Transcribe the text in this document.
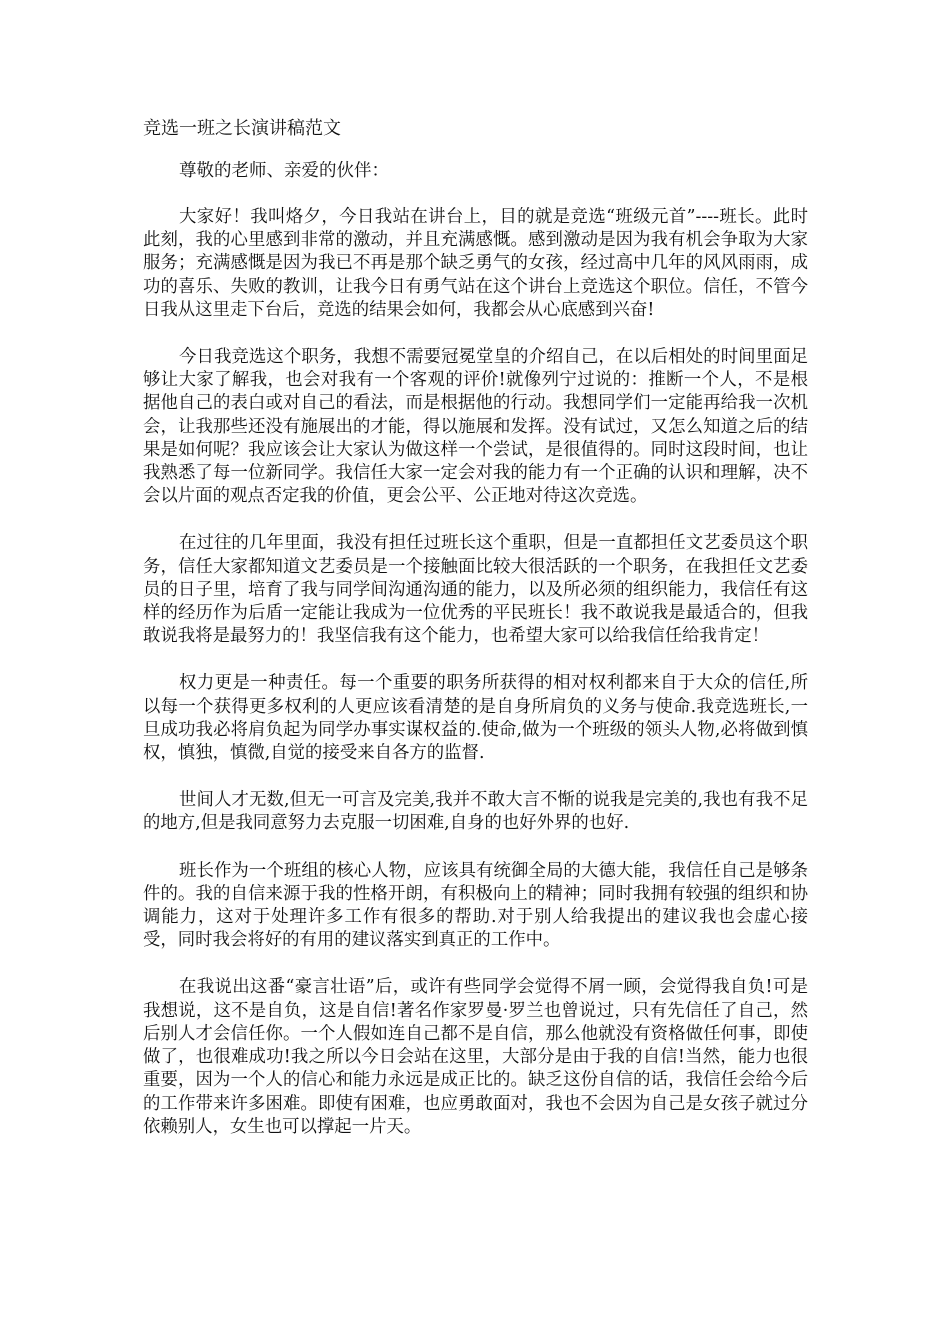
竞选一班之长演讲稿范文

尊敬的老师、亲爱的伙伴：

大家好！我叫烙夕，今日我站在讲台上，目的就是竞选“班级元首”----班长。此时此刻，我的心里感到非常的激动，并且充满感慨。感到激动是因为我有机会争取为大家服务；充满感慨是因为我已不再是那个缺乏勇气的女孩，经过高中几年的风风雨雨，成功的喜乐、失败的教训，让我今日有勇气站在这个讲台上竞选这个职位。信任，不管今日我从这里走下台后，竞选的结果会如何，我都会从心底感到兴奋!

今日我竞选这个职务，我想不需要冠冕堂皇的介绍自己，在以后相处的时间里面足够让大家了解我，也会对我有一个客观的评价!就像列宁过说的：推断一个人，不是根据他自己的表白或对自己的看法，而是根据他的行动。我想同学们一定能再给我一次机会，让我那些还没有施展出的才能，得以施展和发挥。没有试过，又怎么知道之后的结果是如何呢？我应该会让大家认为做这样一个尝试，是很值得的。同时这段时间，也让我熟悉了每一位新同学。我信任大家一定会对我的能力有一个正确的认识和理解，决不会以片面的观点否定我的价值，更会公平、公正地对待这次竞选。

在过往的几年里面，我没有担任过班长这个重职，但是一直都担任文艺委员这个职务，信任大家都知道文艺委员是一个接触面比较大很活跃的一个职务，在我担任文艺委员的日子里，培育了我与同学间沟通沟通的能力，以及所必须的组织能力，我信任有这样的经历作为后盾一定能让我成为一位优秀的平民班长！我不敢说我是最适合的，但我敢说我将是最努力的！我坚信我有这个能力，也希望大家可以给我信任给我肯定！

权力更是一种责任。每一个重要的职务所获得的相对权利都来自于大众的信任,所以每一个获得更多权利的人更应该看清楚的是自身所肩负的义务与使命.我竞选班长,一旦成功我必将肩负起为同学办事实谋权益的.使命,做为一个班级的领头人物,必将做到慎权，慎独，慎微,自觉的接受来自各方的监督.

世间人才无数,但无一可言及完美,我并不敢大言不惭的说我是完美的,我也有我不足的地方,但是我同意努力去克服一切困难,自身的也好外界的也好.

班长作为一个班组的核心人物，应该具有统御全局的大德大能，我信任自己是够条件的。我的自信来源于我的性格开朗，有积极向上的精神；同时我拥有较强的组织和协调能力，这对于处理许多工作有很多的帮助.对于别人给我提出的建议我也会虚心接受，同时我会将好的有用的建议落实到真正的工作中。

在我说出这番“豪言壮语”后，或许有些同学会觉得不屑一顾，会觉得我自负!可是我想说，这不是自负，这是自信!著名作家罗曼·罗兰也曾说过，只有先信任了自己，然后别人才会信任你。一个人假如连自己都不是自信，那么他就没有资格做任何事，即使做了，也很难成功!我之所以今日会站在这里，大部分是由于我的自信!当然，能力也很重要，因为一个人的信心和能力永远是成正比的。缺乏这份自信的话，我信任会给今后的工作带来许多困难。即使有困难，也应勇敢面对，我也不会因为自己是女孩子就过分依赖别人，女生也可以撑起一片天。
